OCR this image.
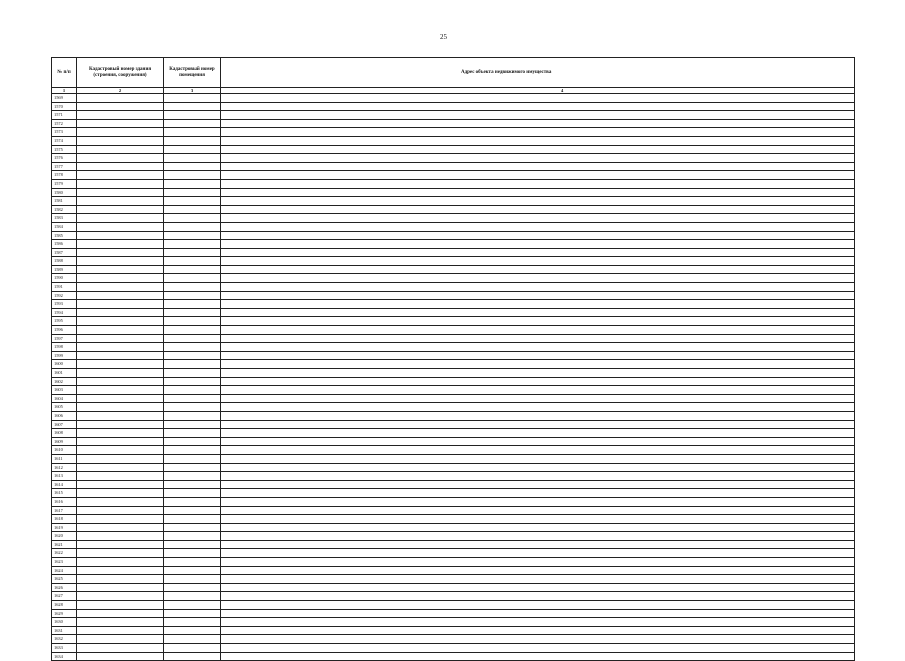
25
№ п/п	Кадастровый номер здания (строения, сооружения)	Кадастровый номер помещения	Адрес объекта недвижимого имущества
1	2	3	4
1569			
1570			
1571			
1572			
1573			
1574			
1575			
1576			
1577			
1578			
1579			
1580			
1581			
1582			
1583			
1584			
1585			
1586			
1587			
1588			
1589			
1590			
1591			
1592			
1593			
1594			
1595			
1596			
1597			
1598			
1599			
1600			
1601			
1602			
1603			
1604			
1605			
1606			
1607			
1608			
1609			
1610			
1611			
1612			
1613			
1614			
1615			
1616			
1617			
1618			
1619			
1620			
1621			
1622			
1623			
1624			
1625			
1626			
1627			
1628			
1629			
1630			
1631			
1632			
1633			
1634			
